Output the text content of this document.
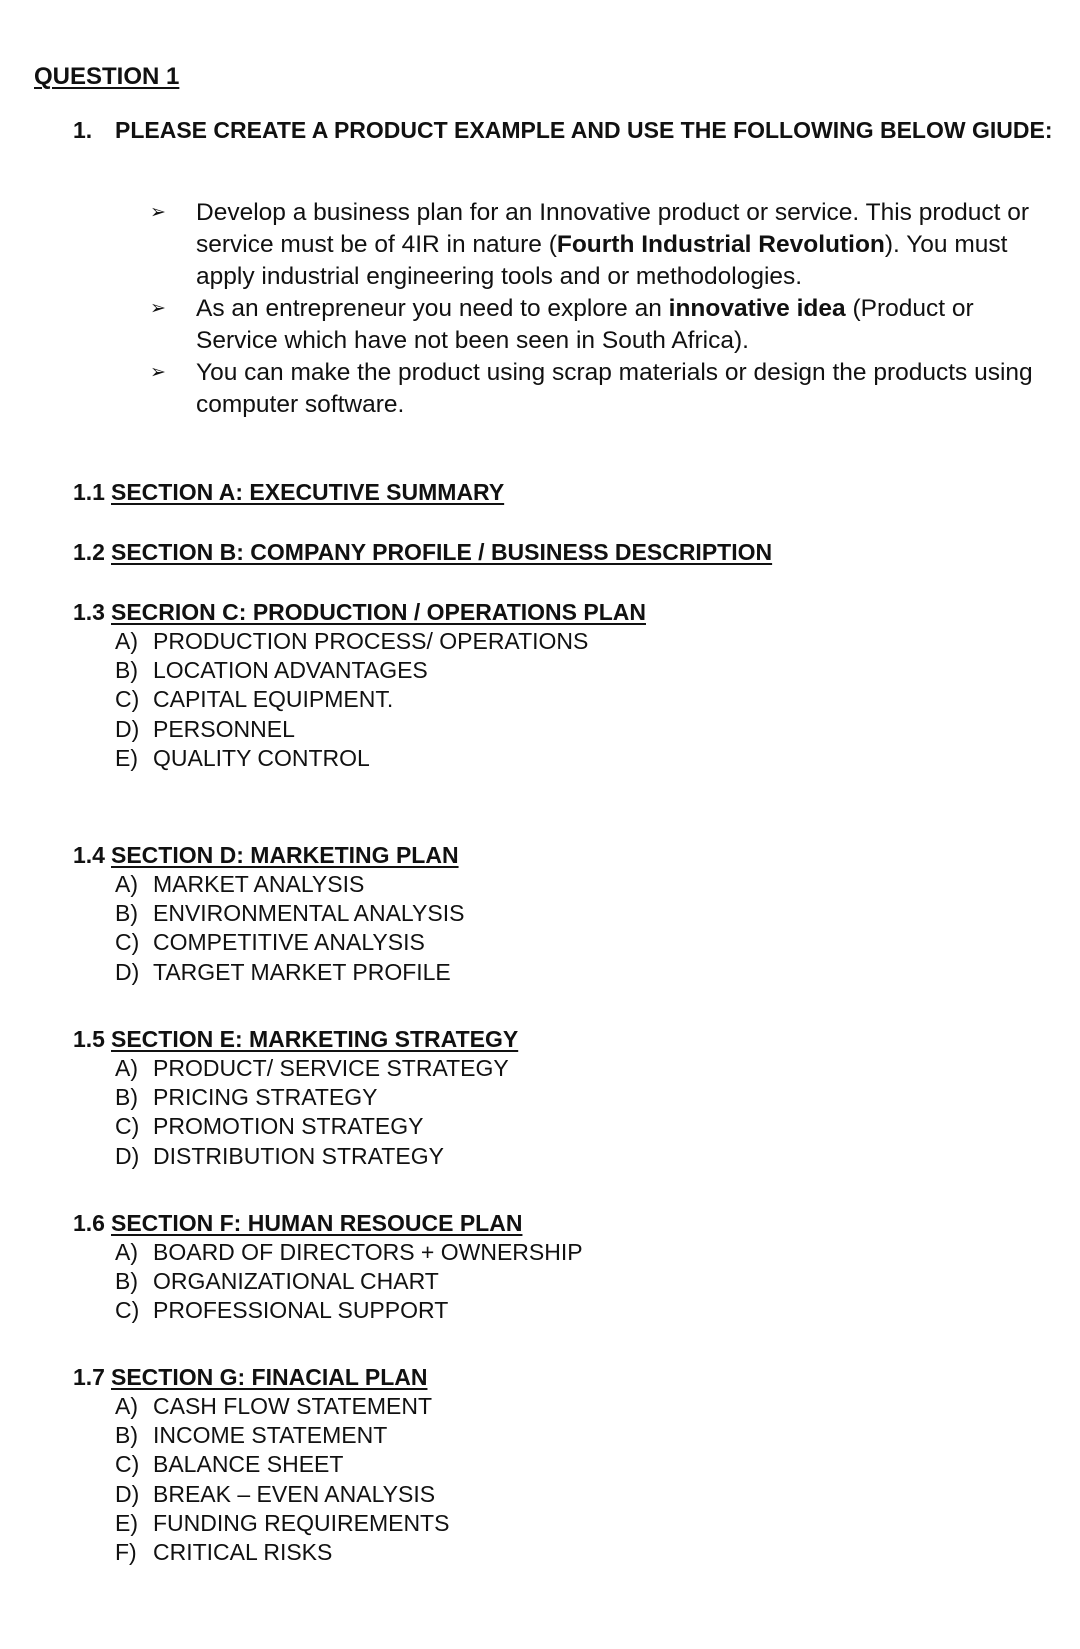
QUESTION 1
1. PLEASE CREATE A PRODUCT EXAMPLE AND USE THE FOLLOWING BELOW GIUDE:
➢ Develop a business plan for an Innovative product or service. This product or service must be of 4IR in nature (Fourth Industrial Revolution). You must apply industrial engineering tools and or methodologies.
➢ As an entrepreneur you need to explore an innovative idea (Product or Service which have not been seen in South Africa).
➢ You can make the product using scrap materials or design the products using computer software.
1.1 SECTION A: EXECUTIVE SUMMARY
1.2 SECTION B: COMPANY PROFILE / BUSINESS DESCRIPTION
1.3 SECRION C: PRODUCTION / OPERATIONS PLAN
A) PRODUCTION PROCESS/ OPERATIONS
B) LOCATION ADVANTAGES
C) CAPITAL EQUIPMENT.
D) PERSONNEL
E) QUALITY CONTROL
1.4 SECTION D: MARKETING PLAN
A) MARKET ANALYSIS
B) ENVIRONMENTAL ANALYSIS
C) COMPETITIVE ANALYSIS
D) TARGET MARKET PROFILE
1.5 SECTION E: MARKETING STRATEGY
A) PRODUCT/ SERVICE STRATEGY
B) PRICING STRATEGY
C) PROMOTION STRATEGY
D) DISTRIBUTION STRATEGY
1.6 SECTION F: HUMAN RESOUCE PLAN
A) BOARD OF DIRECTORS + OWNERSHIP
B) ORGANIZATIONAL CHART
C) PROFESSIONAL SUPPORT
1.7 SECTION G: FINACIAL PLAN
A) CASH FLOW STATEMENT
B) INCOME STATEMENT
C) BALANCE SHEET
D) BREAK – EVEN ANALYSIS
E) FUNDING REQUIREMENTS
F) CRITICAL RISKS
